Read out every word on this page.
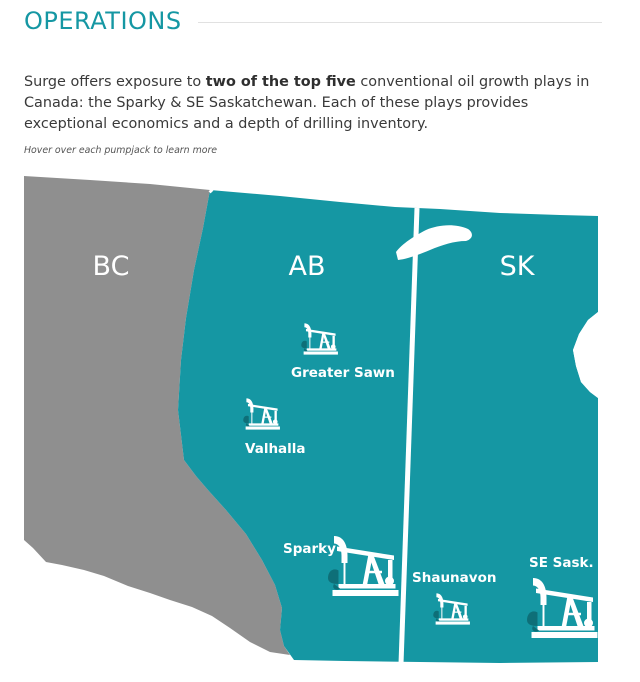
OPERATIONS

Surge offers exposure to two of the top five conventional oil growth plays in Canada: the Sparky & SE Saskatchewan. Each of these plays provides exceptional economics and a depth of drilling inventory.

Hover over each pumpjack to learn more
BC	AB	SK
Greater Sawn
Valhalla
Sparky
Shaunavon
SE Sask.
